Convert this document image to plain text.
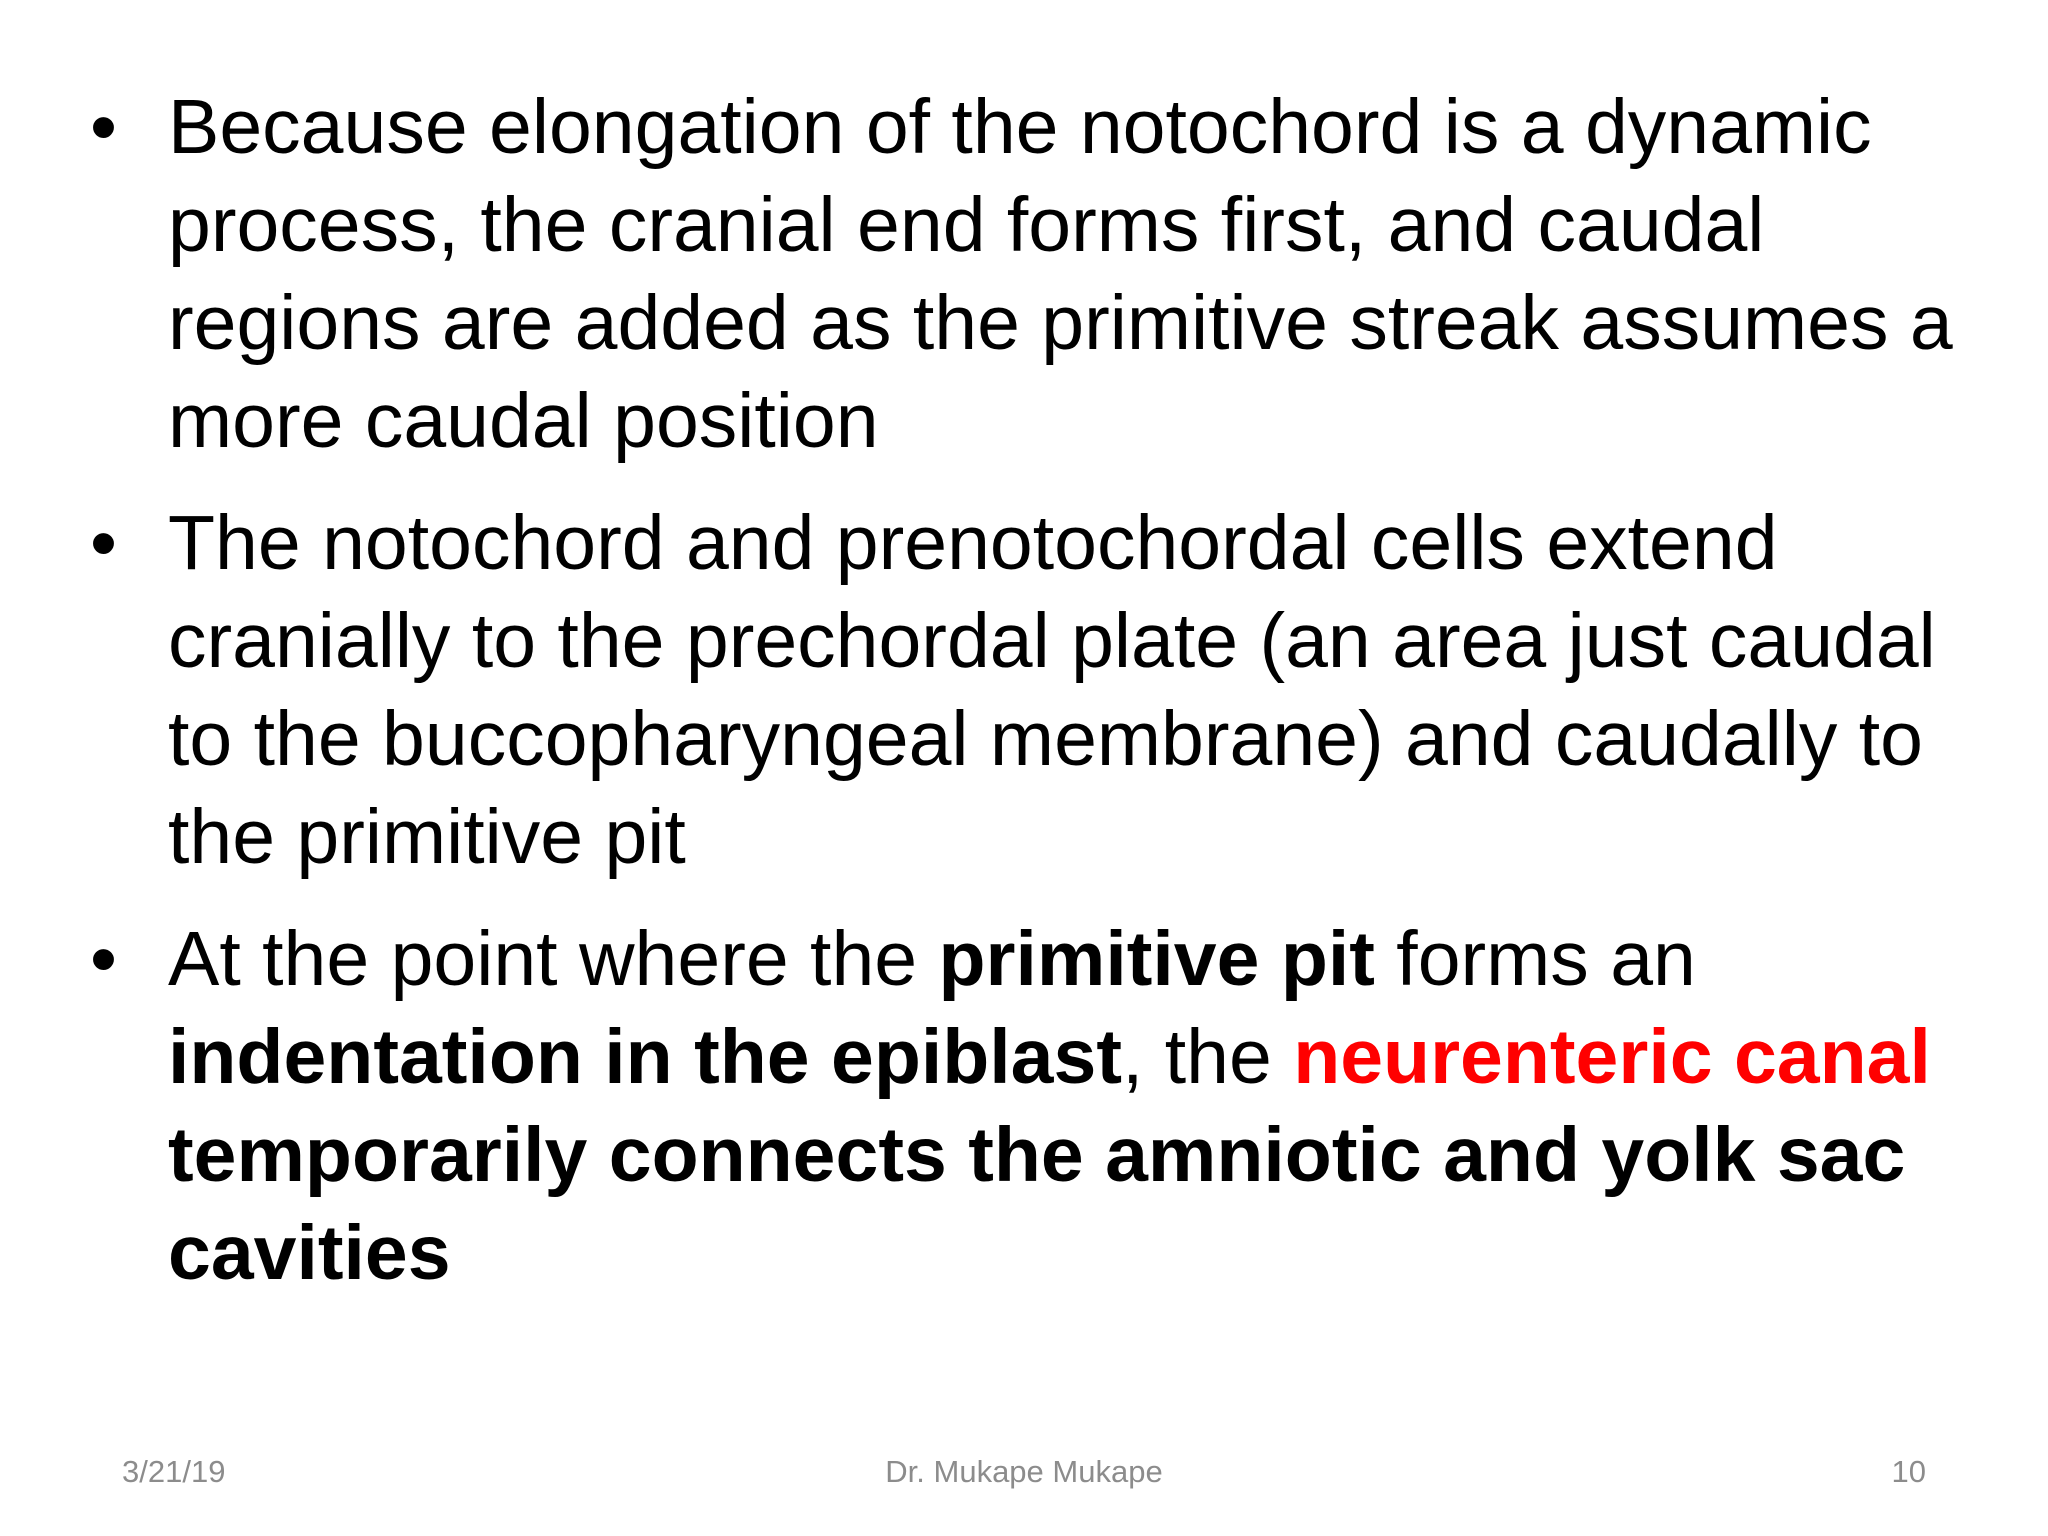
• Because elongation of the notochord is a dynamic process, the cranial end forms first, and caudal regions are added as the primitive streak assumes a more caudal position
• The notochord and prenotochordal cells extend cranially to the prechordal plate (an area just caudal to the buccopharyngeal membrane) and caudally to the primitive pit
• At the point where the primitive pit forms an indentation in the epiblast, the neurenteric canal temporarily connects the amniotic and yolk sac cavities
3/21/19	Dr. Mukape Mukape	10
